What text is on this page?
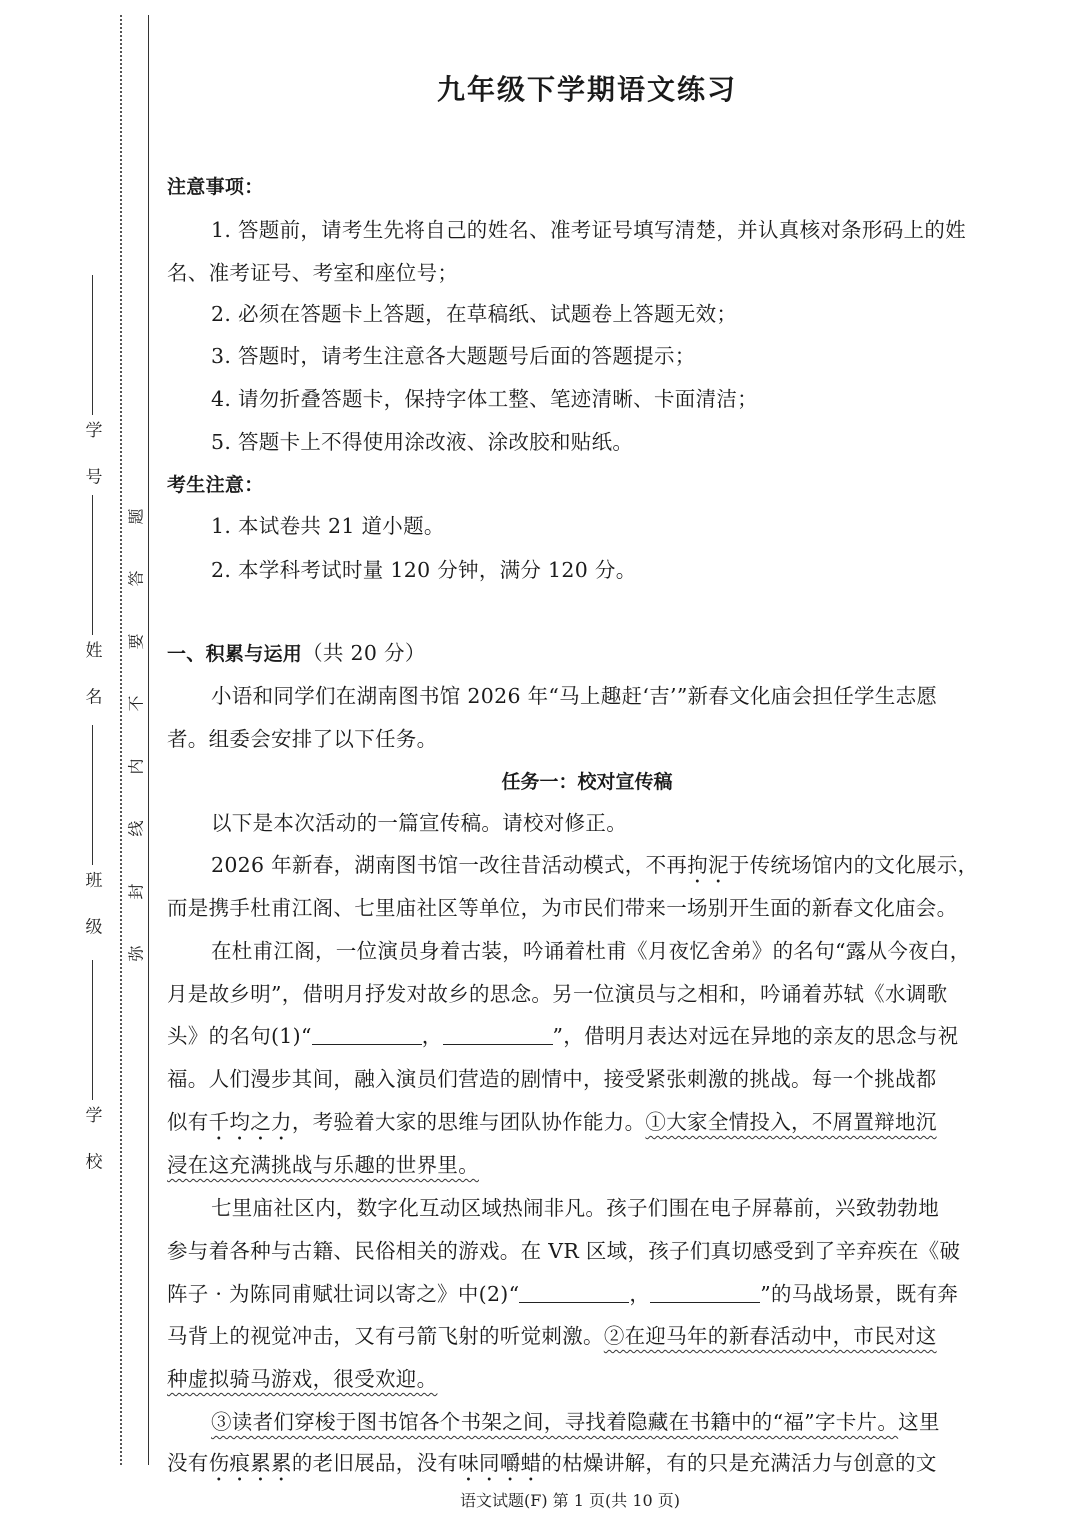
学 号
姓 名
班 级
学 校
题
答
要
不
内
线
封
弥
九年级下学期语文练习
注意事项：
1. 答题前，请考生先将自己的姓名、准考证号填写清楚，并认真核对条形码上的姓
名、准考证号、考室和座位号；
2. 必须在答题卡上答题，在草稿纸、试题卷上答题无效；
3. 答题时，请考生注意各大题题号后面的答题提示；
4. 请勿折叠答题卡，保持字体工整、笔迹清晰、卡面清洁；
5. 答题卡上不得使用涂改液、涂改胶和贴纸。
考生注意：
1. 本试卷共 21 道小题。
2. 本学科考试时量 120 分钟，满分 120 分。
一、积累与运用（共 20 分）
小语和同学们在湖南图书馆 2026 年“马上趣赶‘吉’”新春文化庙会担任学生志愿
者。组委会安排了以下任务。
任务一：校对宣传稿
以下是本次活动的一篇宣传稿。请校对修正。
2026 年新春，湖南图书馆一改往昔活动模式，不再拘泥于传统场馆内的文化展示，
而是携手杜甫江阁、七里庙社区等单位，为市民们带来一场别开生面的新春文化庙会。
在杜甫江阁，一位演员身着古装，吟诵着杜甫《月夜忆舍弟》的名句“露从今夜白，
月是故乡明”，借明月抒发对故乡的思念。另一位演员与之相和，吟诵着苏轼《水调歌
头》的名句(1)“	，	”，借明月表达对远在异地的亲友的思念与祝
福。人们漫步其间，融入演员们营造的剧情中，接受紧张刺激的挑战。每一个挑战都
似有千均之力，考验着大家的思维与团队协作能力。①大家全情投入，不屑置辩地沉
浸在这充满挑战与乐趣的世界里。
七里庙社区内，数字化互动区域热闹非凡。孩子们围在电子屏幕前，兴致勃勃地
参与着各种与古籍、民俗相关的游戏。在 VR 区域，孩子们真切感受到了辛弃疾在《破
阵子 · 为陈同甫赋壮词以寄之》中(2)“	，	”的马战场景，既有奔
马背上的视觉冲击，又有弓箭飞射的听觉刺激。②在迎马年的新春活动中，市民对这
种虚拟骑马游戏，很受欢迎。
③读者们穿梭于图书馆各个书架之间，寻找着隐藏在书籍中的“福”字卡片。这里
没有伤痕累累的老旧展品，没有味同嚼蜡的枯燥讲解，有的只是充满活力与创意的文
语文试题(F) 第 1 页(共 10 页)
